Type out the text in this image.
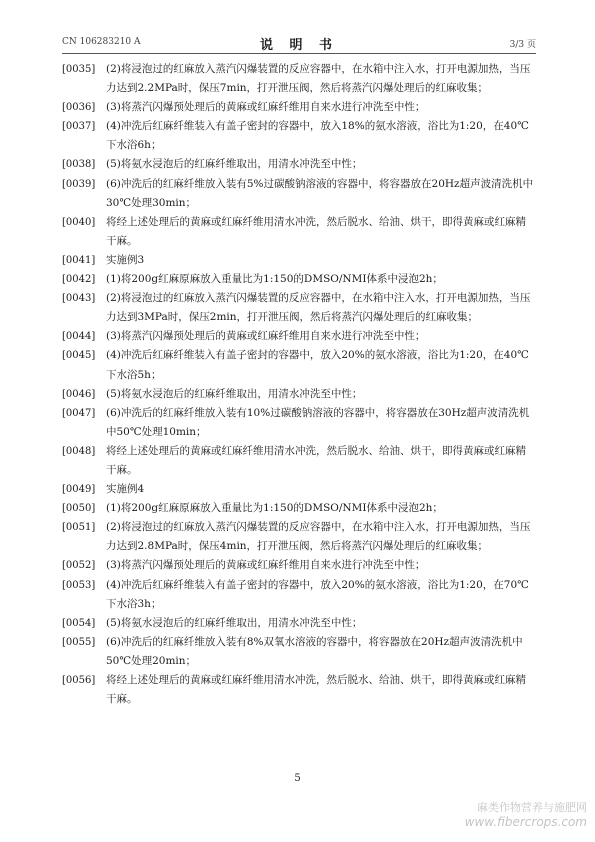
CN 106283210 A	说 明 书	3/3 页
[0035] (2)将浸泡过的红麻放入蒸汽闪爆装置的反应容器中，在水箱中注入水，打开电源加热，当压力达到2.2MPa时，保压7min，打开泄压阀，然后将蒸汽闪爆处理后的红麻收集；
[0036] (3)将蒸汽闪爆预处理后的黄麻或红麻纤维用自来水进行冲洗至中性；
[0037] (4)冲洗后红麻纤维装入有盖子密封的容器中，放入18%的氨水溶液，浴比为1:20，在40℃下水浴6h；
[0038] (5)将氨水浸泡后的红麻纤维取出，用清水冲洗至中性；
[0039] (6)冲洗后的红麻纤维放入装有5%过碳酸钠溶液的容器中，将容器放在20Hz超声波清洗机中30℃处理30min；
[0040] 将经上述处理后的黄麻或红麻纤维用清水冲洗，然后脱水、给油、烘干，即得黄麻或红麻精干麻。
[0041] 实施例3
[0042] (1)将200g红麻原麻放入重量比为1:150的DMSO/NMI体系中浸泡2h；
[0043] (2)将浸泡过的红麻放入蒸汽闪爆装置的反应容器中，在水箱中注入水，打开电源加热，当压力达到3MPa时，保压2min，打开泄压阀，然后将蒸汽闪爆处理后的红麻收集；
[0044] (3)将蒸汽闪爆预处理后的黄麻或红麻纤维用自来水进行冲洗至中性；
[0045] (4)冲洗后红麻纤维装入有盖子密封的容器中，放入20%的氨水溶液，浴比为1:20，在40℃下水浴5h；
[0046] (5)将氨水浸泡后的红麻纤维取出，用清水冲洗至中性；
[0047] (6)冲洗后的红麻纤维放入装有10%过碳酸钠溶液的容器中，将容器放在30Hz超声波清洗机中50℃处理10min；
[0048] 将经上述处理后的黄麻或红麻纤维用清水冲洗，然后脱水、给油、烘干，即得黄麻或红麻精干麻。
[0049] 实施例4
[0050] (1)将200g红麻原麻放入重量比为1:150的DMSO/NMI体系中浸泡2h；
[0051] (2)将浸泡过的红麻放入蒸汽闪爆装置的反应容器中，在水箱中注入水，打开电源加热，当压力达到2.8MPa时，保压4min，打开泄压阀，然后将蒸汽闪爆处理后的红麻收集；
[0052] (3)将蒸汽闪爆预处理后的黄麻或红麻纤维用自来水进行冲洗至中性；
[0053] (4)冲洗后红麻纤维装入有盖子密封的容器中，放入20%的氨水溶液，浴比为1:20，在70℃下水浴3h；
[0054] (5)将氨水浸泡后的红麻纤维取出，用清水冲洗至中性；
[0055] (6)冲洗后的红麻纤维放入装有8%双氧水溶液的容器中，将容器放在20Hz超声波清洗机中50℃处理20min；
[0056] 将经上述处理后的黄麻或红麻纤维用清水冲洗，然后脱水、给油、烘干，即得黄麻或红麻精干麻。
5
麻类作物营养与施肥网
www.fibercrops.com
